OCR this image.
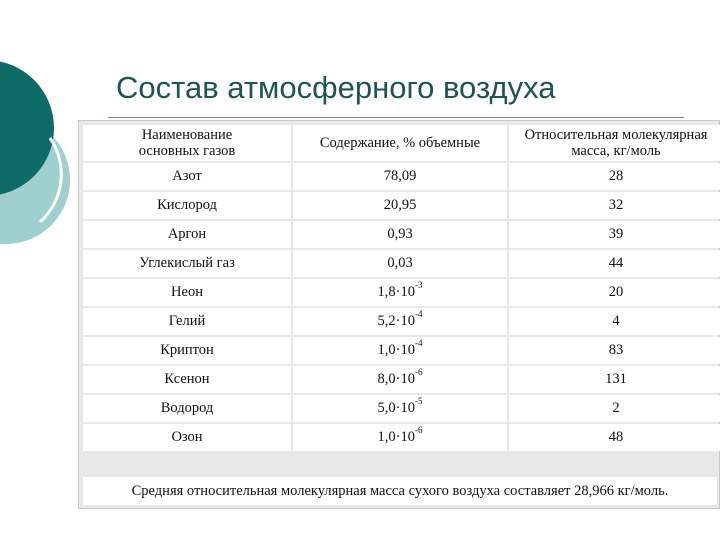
Состав атмосферного воздуха
Наименование
основных газов	Содержание, % объемные	Относительная молекулярная
масса, кг/моль
Азот	78,09	28
Кислород	20,95	32
Аргон	0,93	39
Углекислый газ	0,03	44
Неон	$1,8\cdot 10^{-3}$	20
Гелий	$5,2\cdot 10^{-4}$	4
Криптон	$1,0\cdot 10^{-4}$	83
Ксенон	$8,0\cdot 10^{-6}$	131
Водород	$5,0\cdot 10^{-5}$	2
Озон	$1,0\cdot 10^{-6}$	48
Средняя относительная молекулярная масса сухого воздуха составляет 28,966 кг/моль.
